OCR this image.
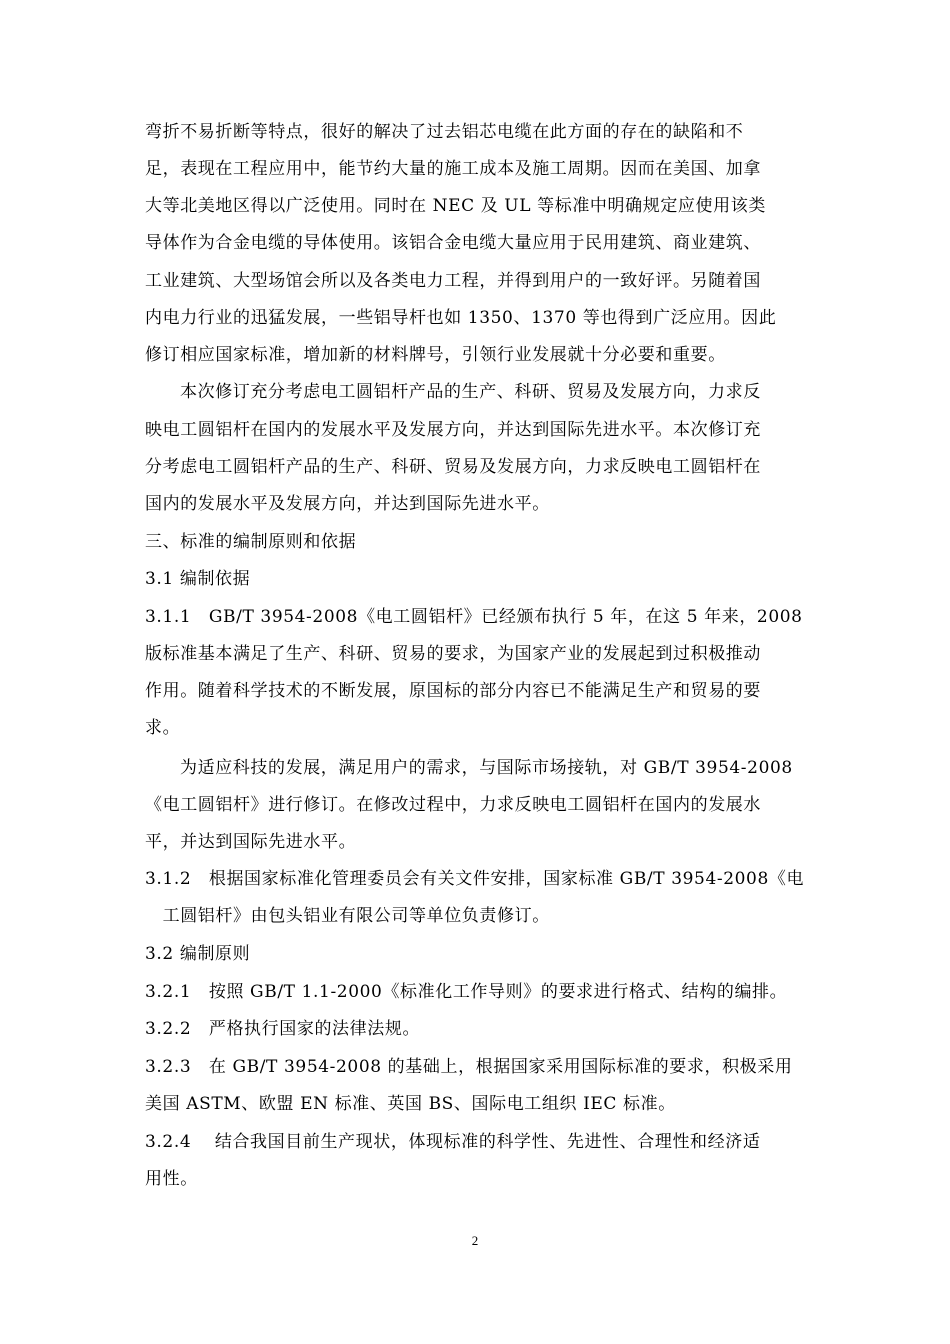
弯折不易折断等特点，很好的解决了过去铝芯电缆在此方面的存在的缺陷和不
足，表现在工程应用中，能节约大量的施工成本及施工周期。因而在美国、加拿
大等北美地区得以广泛使用。同时在 NEC 及 UL 等标准中明确规定应使用该类
导体作为合金电缆的导体使用。该铝合金电缆大量应用于民用建筑、商业建筑、
工业建筑、大型场馆会所以及各类电力工程，并得到用户的一致好评。另随着国
内电力行业的迅猛发展，一些铝导杆也如 1350、1370 等也得到广泛应用。因此
修订相应国家标准，增加新的材料牌号，引领行业发展就十分必要和重要。
本次修订充分考虑电工圆铝杆产品的生产、科研、贸易及发展方向，力求反
映电工圆铝杆在国内的发展水平及发展方向，并达到国际先进水平。本次修订充
分考虑电工圆铝杆产品的生产、科研、贸易及发展方向，力求反映电工圆铝杆在
国内的发展水平及发展方向，并达到国际先进水平。
三、标准的编制原则和依据
3.1 编制依据
3.1.1　GB/T 3954-2008《电工圆铝杆》已经颁布执行 5 年，在这 5 年来，2008
版标准基本满足了生产、科研、贸易的要求，为国家产业的发展起到过积极推动
作用。随着科学技术的不断发展，原国标的部分内容已不能满足生产和贸易的要
求。
为适应科技的发展，满足用户的需求，与国际市场接轨，对 GB/T 3954-2008
《电工圆铝杆》进行修订。在修改过程中，力求反映电工圆铝杆在国内的发展水
平，并达到国际先进水平。
3.1.2　根据国家标准化管理委员会有关文件安排，国家标准 GB/T 3954-2008《电
　工圆铝杆》由包头铝业有限公司等单位负责修订。
3.2 编制原则
3.2.1　按照 GB/T 1.1-2000《标准化工作导则》的要求进行格式、结构的编排。
3.2.2　严格执行国家的法律法规。
3.2.3　在 GB/T 3954-2008 的基础上，根据国家采用国际标准的要求，积极采用
美国 ASTM、欧盟 EN 标准、英国 BS、国际电工组织 IEC 标准。
3.2.4　 结合我国目前生产现状，体现标准的科学性、先进性、合理性和经济适
用性。
2
